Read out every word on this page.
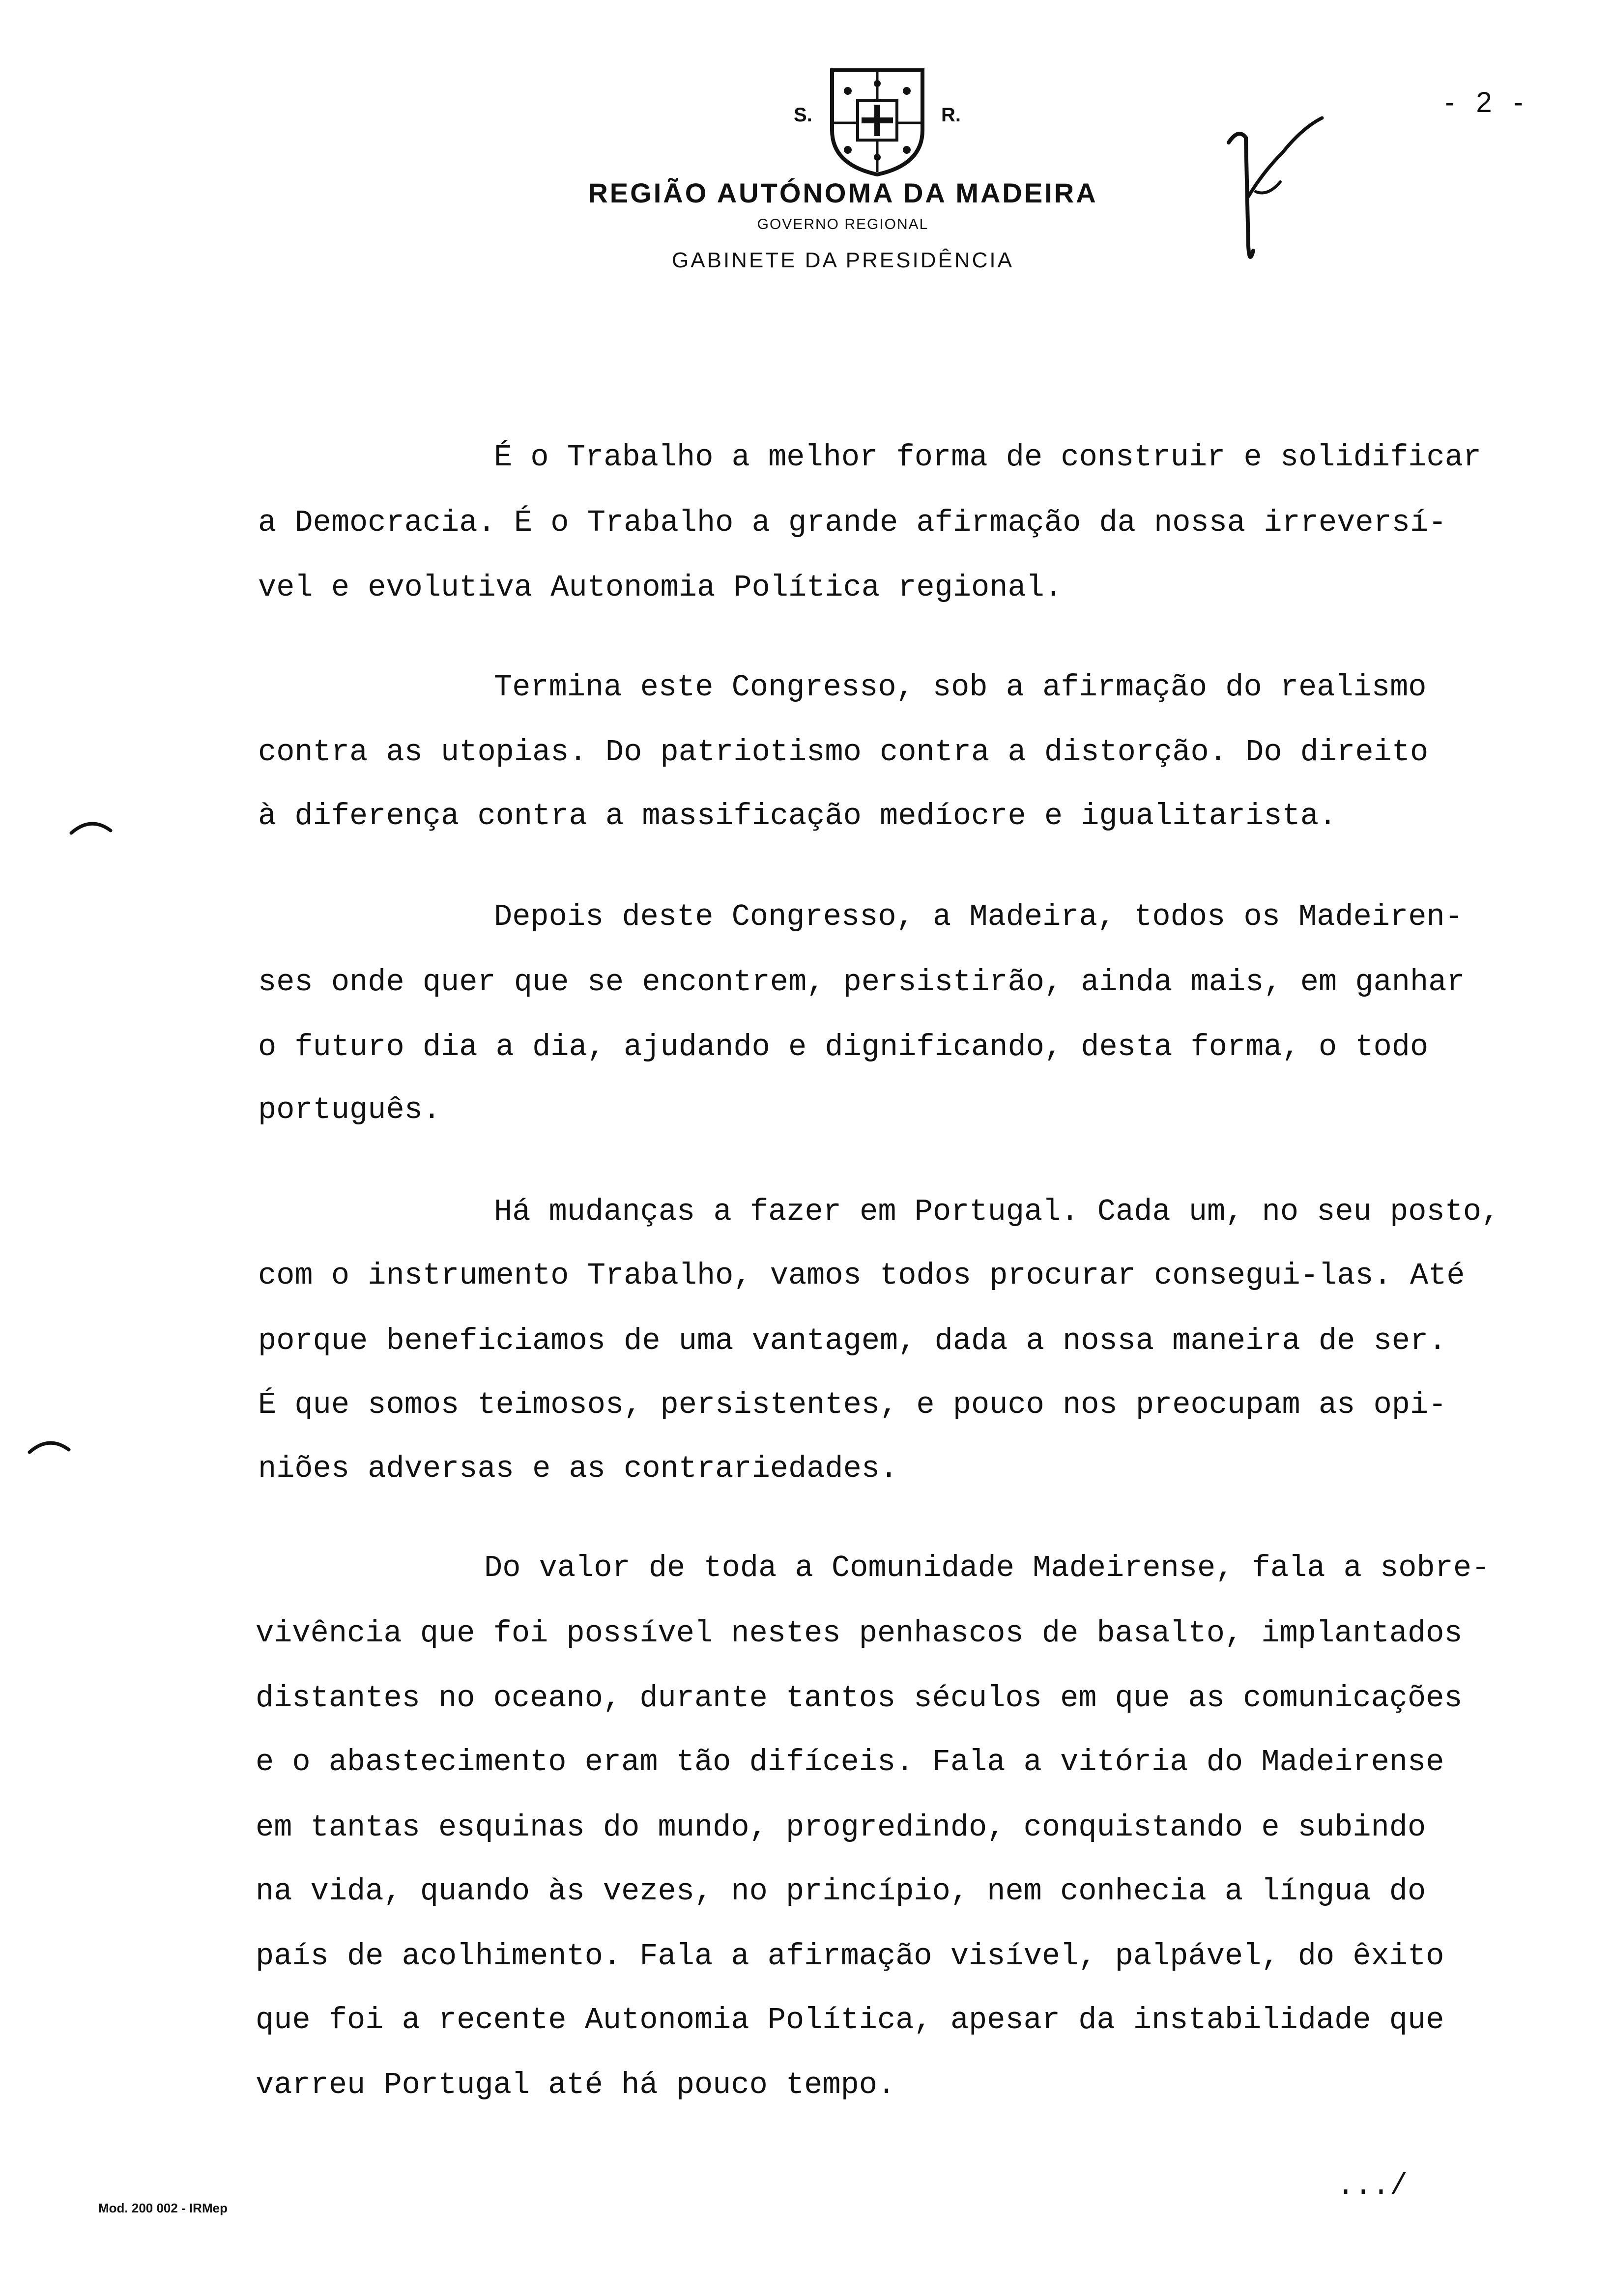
S.	R.
REGIÃO AUTÓNOMA DA MADEIRA
GOVERNO REGIONAL
GABINETE DA PRESIDÊNCIA
- 2 -
É o Trabalho a melhor forma de construir e solidificar
a Democracia. É o Trabalho a grande afirmação da nossa irreversí-
vel e evolutiva Autonomia Política regional.
Termina este Congresso, sob a afirmação do realismo
contra as utopias. Do patriotismo contra a distorção. Do direito
à diferença contra a massificação medíocre e igualitarista.
Depois deste Congresso, a Madeira, todos os Madeiren-
ses onde quer que se encontrem, persistirão, ainda mais, em ganhar
o futuro dia a dia, ajudando e dignificando, desta forma, o todo
português.
Há mudanças a fazer em Portugal. Cada um, no seu posto,
com o instrumento Trabalho, vamos todos procurar consegui-las. Até
porque beneficiamos de uma vantagem, dada a nossa maneira de ser.
É que somos teimosos, persistentes, e pouco nos preocupam as opi-
niões adversas e as contrariedades.
Do valor de toda a Comunidade Madeirense, fala a sobre-
vivência que foi possível nestes penhascos de basalto, implantados
distantes no oceano, durante tantos séculos em que as comunicações
e o abastecimento eram tão difíceis. Fala a vitória do Madeirense
em tantas esquinas do mundo, progredindo, conquistando e subindo
na vida, quando às vezes, no princípio, nem conhecia a língua do
país de acolhimento. Fala a afirmação visível, palpável, do êxito
que foi a recente Autonomia Política, apesar da instabilidade que
varreu Portugal até há pouco tempo.
.../
Mod. 200 002 - IRMep
